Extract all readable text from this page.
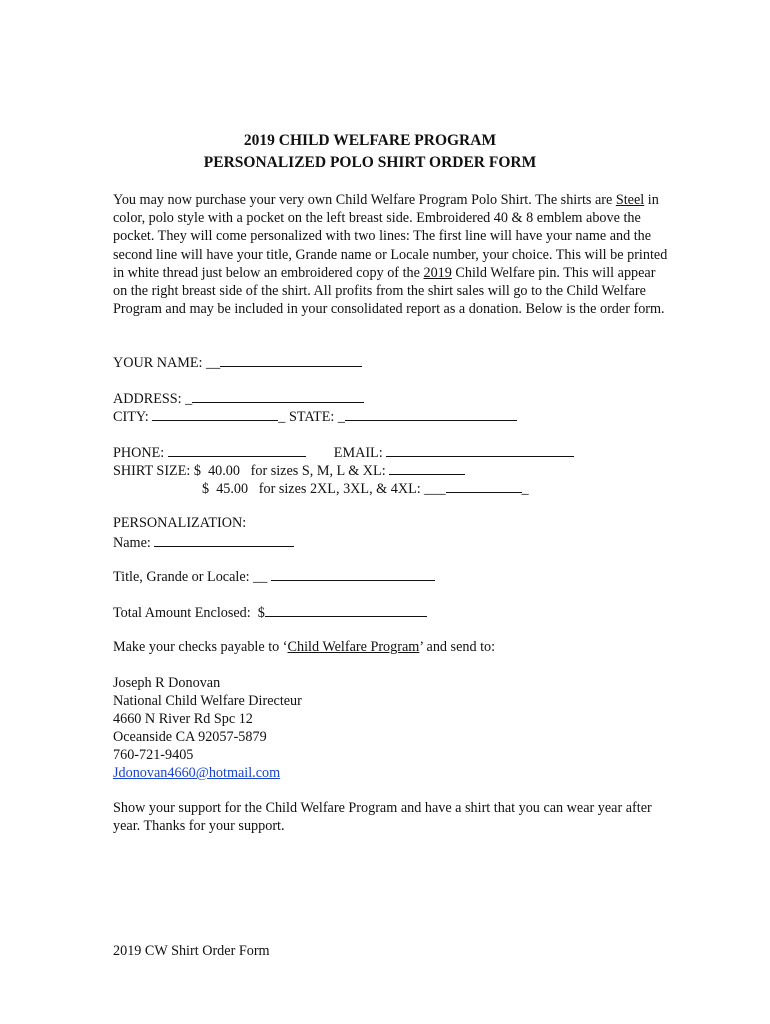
2019 CHILD WELFARE PROGRAM
PERSONALIZED POLO SHIRT ORDER FORM

You may now purchase your very own Child Welfare Program Polo Shirt. The shirts are Steel in color, polo style with a pocket on the left breast side. Embroidered 40 & 8 emblem above the pocket. They will come personalized with two lines: The first line will have your name and the second line will have your title, Grande name or Locale number, your choice. This will be printed in white thread just below an embroidered copy of the 2019 Child Welfare pin. This will appear on the right breast side of the shirt. All profits from the shirt sales will go to the Child Welfare Program and may be included in your consolidated report as a donation. Below is the order form.

YOUR NAME: __
ADDRESS: _
CITY:	_ STATE: _
PHONE:	EMAIL:
SHIRT SIZE: $  40.00 for sizes S, M, L & XL:
$  45.00 for sizes 2XL, 3XL, & 4XL: ___	_
PERSONALIZATION:
Name:
Title, Grande or Locale: __
Total Amount Enclosed:  $
Make your checks payable to ‘Child Welfare Program’ and send to:
Joseph R Donovan
National Child Welfare Directeur
4660 N River Rd Spc 12
Oceanside CA 92057-5879
760-721-9405
Jdonovan4660@hotmail.com

Show your support for the Child Welfare Program and have a shirt that you can wear year after year. Thanks for your support.

2019 CW Shirt Order Form
